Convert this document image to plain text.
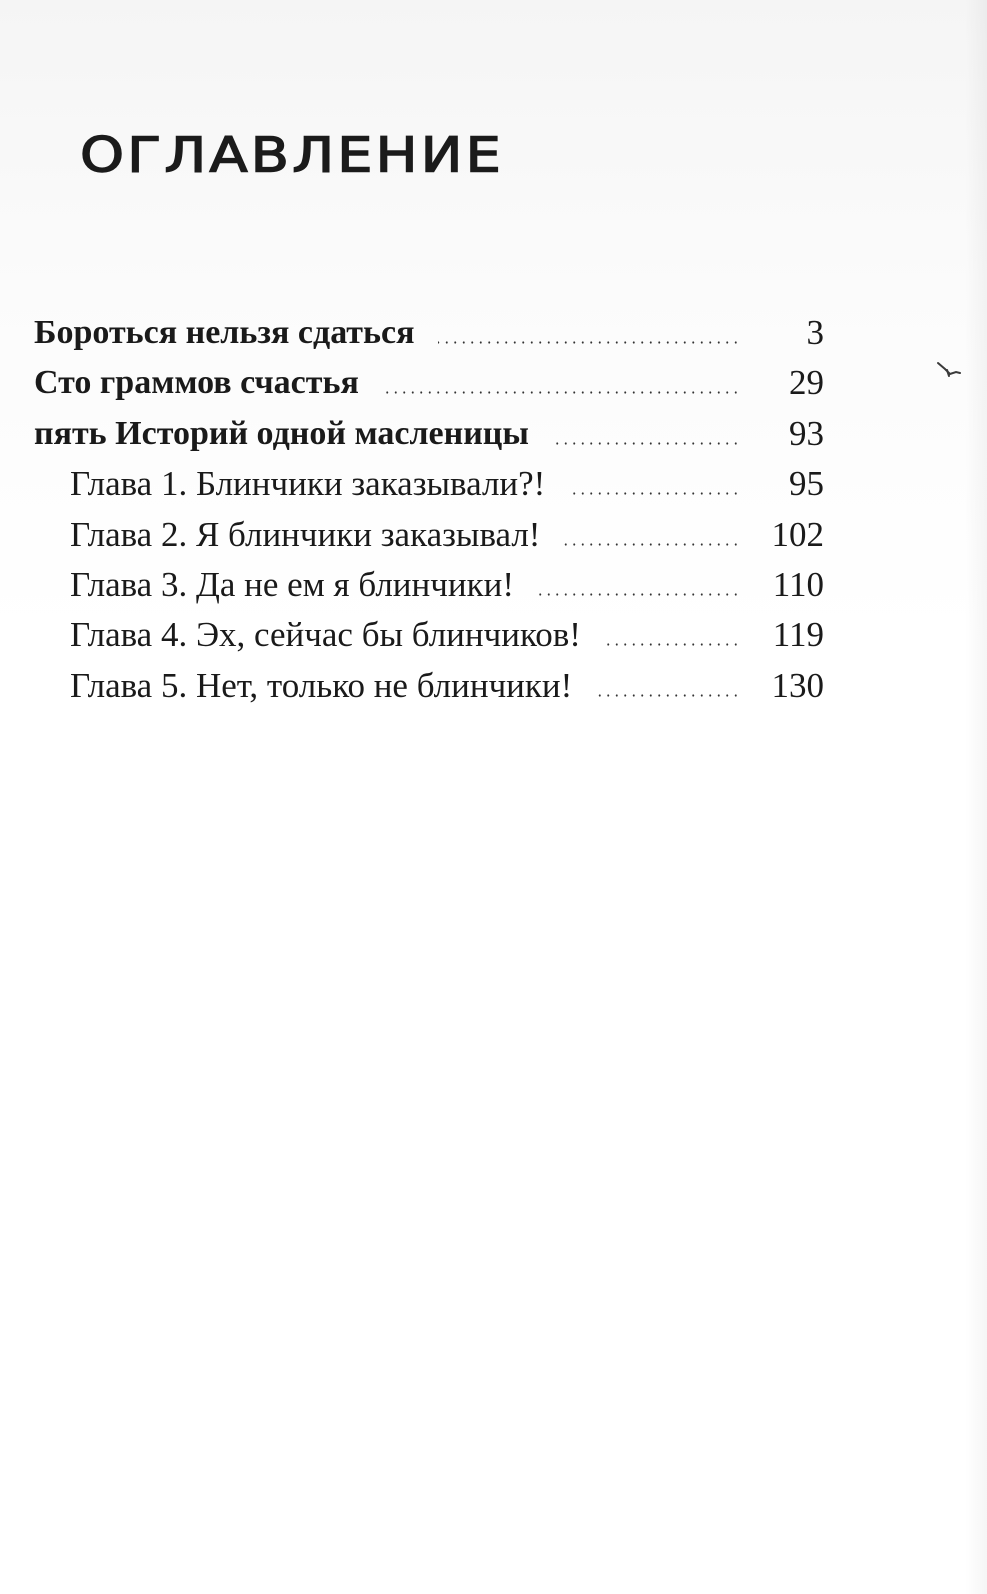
ОГЛАВЛЕНИЕ
Бороться нельзя сдаться	3
Сто граммов счастья	29
пять Историй одной масленицы	93
Глава 1. Блинчики заказывали?!	95
Глава 2. Я блинчики заказывал!	102
Глава 3. Да не ем я блинчики!	110
Глава 4. Эх, сейчас бы блинчиков!	119
Глава 5. Нет, только не блинчики!	130
